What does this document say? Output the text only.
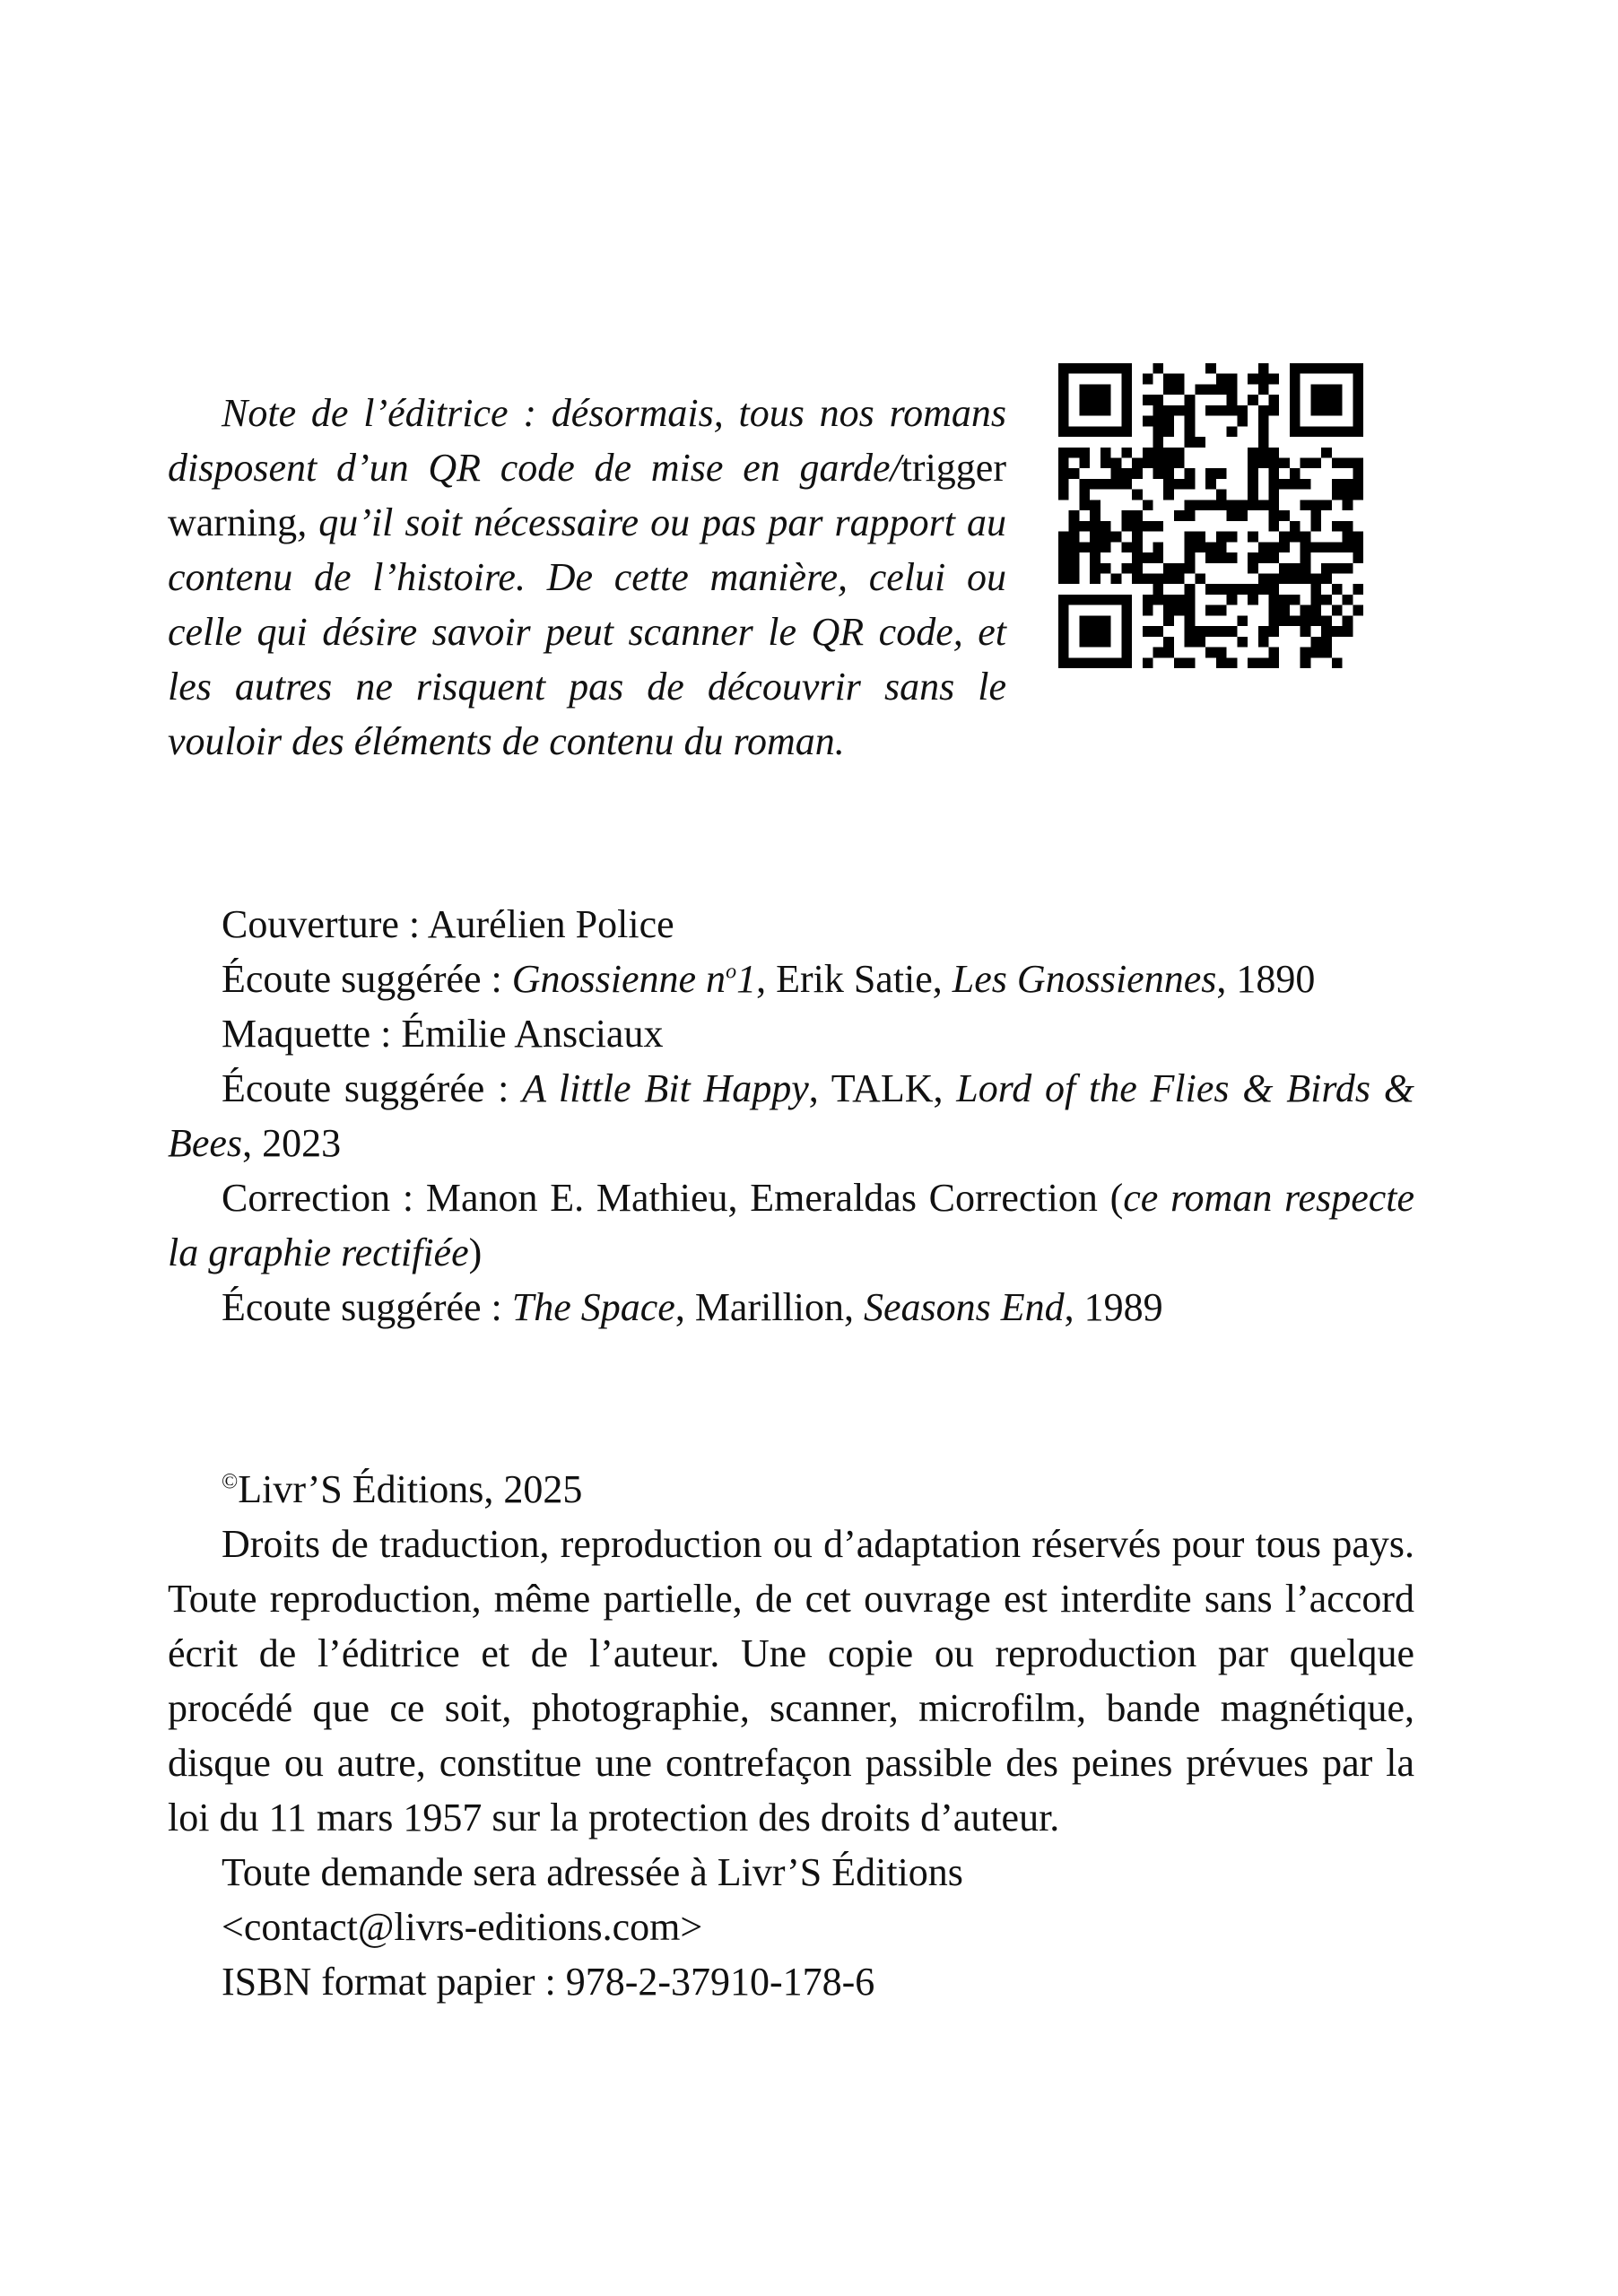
Note de l’éditrice : désormais, tous nos romans disposent d’un QR code de mise en garde/trigger warning, qu’il soit nécessaire ou pas par rapport au contenu de l’histoire. De cette manière, celui ou celle qui désire savoir peut scanner le QR code, et les autres ne risquent pas de découvrir sans le vouloir des éléments de contenu du roman.

Couverture : Aurélien Police

Écoute suggérée : Gnossienne $n^o1$, Erik Satie, Les Gnossiennes, 1890

Maquette : Émilie Ansciaux

Écoute suggérée : A little Bit Happy, TALK, Lord of the Flies & Birds & Bees, 2023

Correction : Manon E. Mathieu, Emeraldas Correction (ce roman respecte la graphie rectifiée)

Écoute suggérée : The Space, Marillion, Seasons End, 1989

©Livr’S Éditions, 2025

Droits de traduction, reproduction ou d’adaptation réservés pour tous pays. Toute reproduction, même partielle, de cet ouvrage est interdite sans l’accord écrit de l’éditrice et de l’auteur. Une copie ou reproduction par quelque procédé que ce soit, photographie, scanner, microfilm, bande magnétique, disque ou autre, constitue une contrefaçon passible des peines prévues par la loi du 11 mars 1957 sur la protection des droits d’auteur.

Toute demande sera adressée à Livr’S Éditions

<contact@livrs-editions.com>

ISBN format papier : 978-2-37910-178-6
